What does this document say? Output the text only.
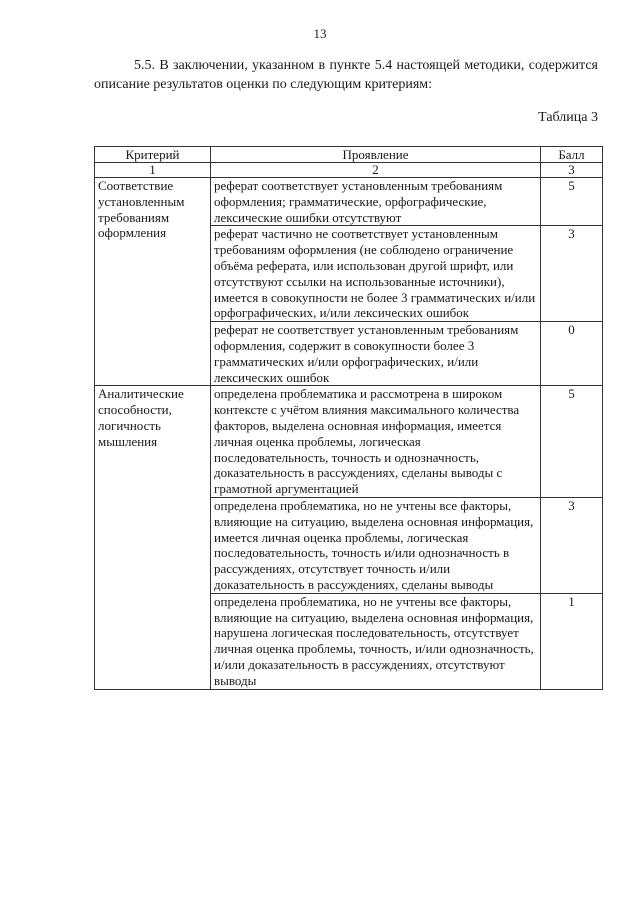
13
5.5. В заключении, указанном в пункте 5.4 настоящей методики, содержится описание результатов оценки по следующим критериям:
Таблица 3
Критерий	Проявление	Балл
1	2	3
Соответствие установленным требованиям оформления	реферат соответствует установленным требованиям оформления; грамматические, орфографические, лексические ошибки отсутствуют	5
	реферат частично не соответствует установленным требованиям оформления (не соблюдено ограничение объёма реферата, или использован другой шрифт, или отсутствуют ссылки на использованные источники), имеется в совокупности не более 3 грамматических и/или орфографических, и/или лексических ошибок	3
	реферат не соответствует установленным требованиям оформления, содержит в совокупности более 3 грамматических и/или орфографических, и/или лексических ошибок	0
Аналитические способности, логичность мышления	определена проблематика и рассмотрена в широком контексте с учётом влияния максимального количества факторов, выделена основная информация, имеется личная оценка проблемы, логическая последовательность, точность и однозначность, доказательность в рассуждениях, сделаны выводы с грамотной аргументацией	5
	определена проблематика, но не учтены все факторы, влияющие на ситуацию, выделена основная информация, имеется личная оценка проблемы, логическая последовательность, точность и/или однозначность в рассуждениях, отсутствует точность и/или доказательность в рассуждениях, сделаны выводы	3
	определена проблематика, но не учтены все факторы, влияющие на ситуацию, выделена основная информация, нарушена логическая последовательность, отсутствует личная оценка проблемы, точность, и/или однозначность, и/или доказательность в рассуждениях, отсутствуют выводы	1
